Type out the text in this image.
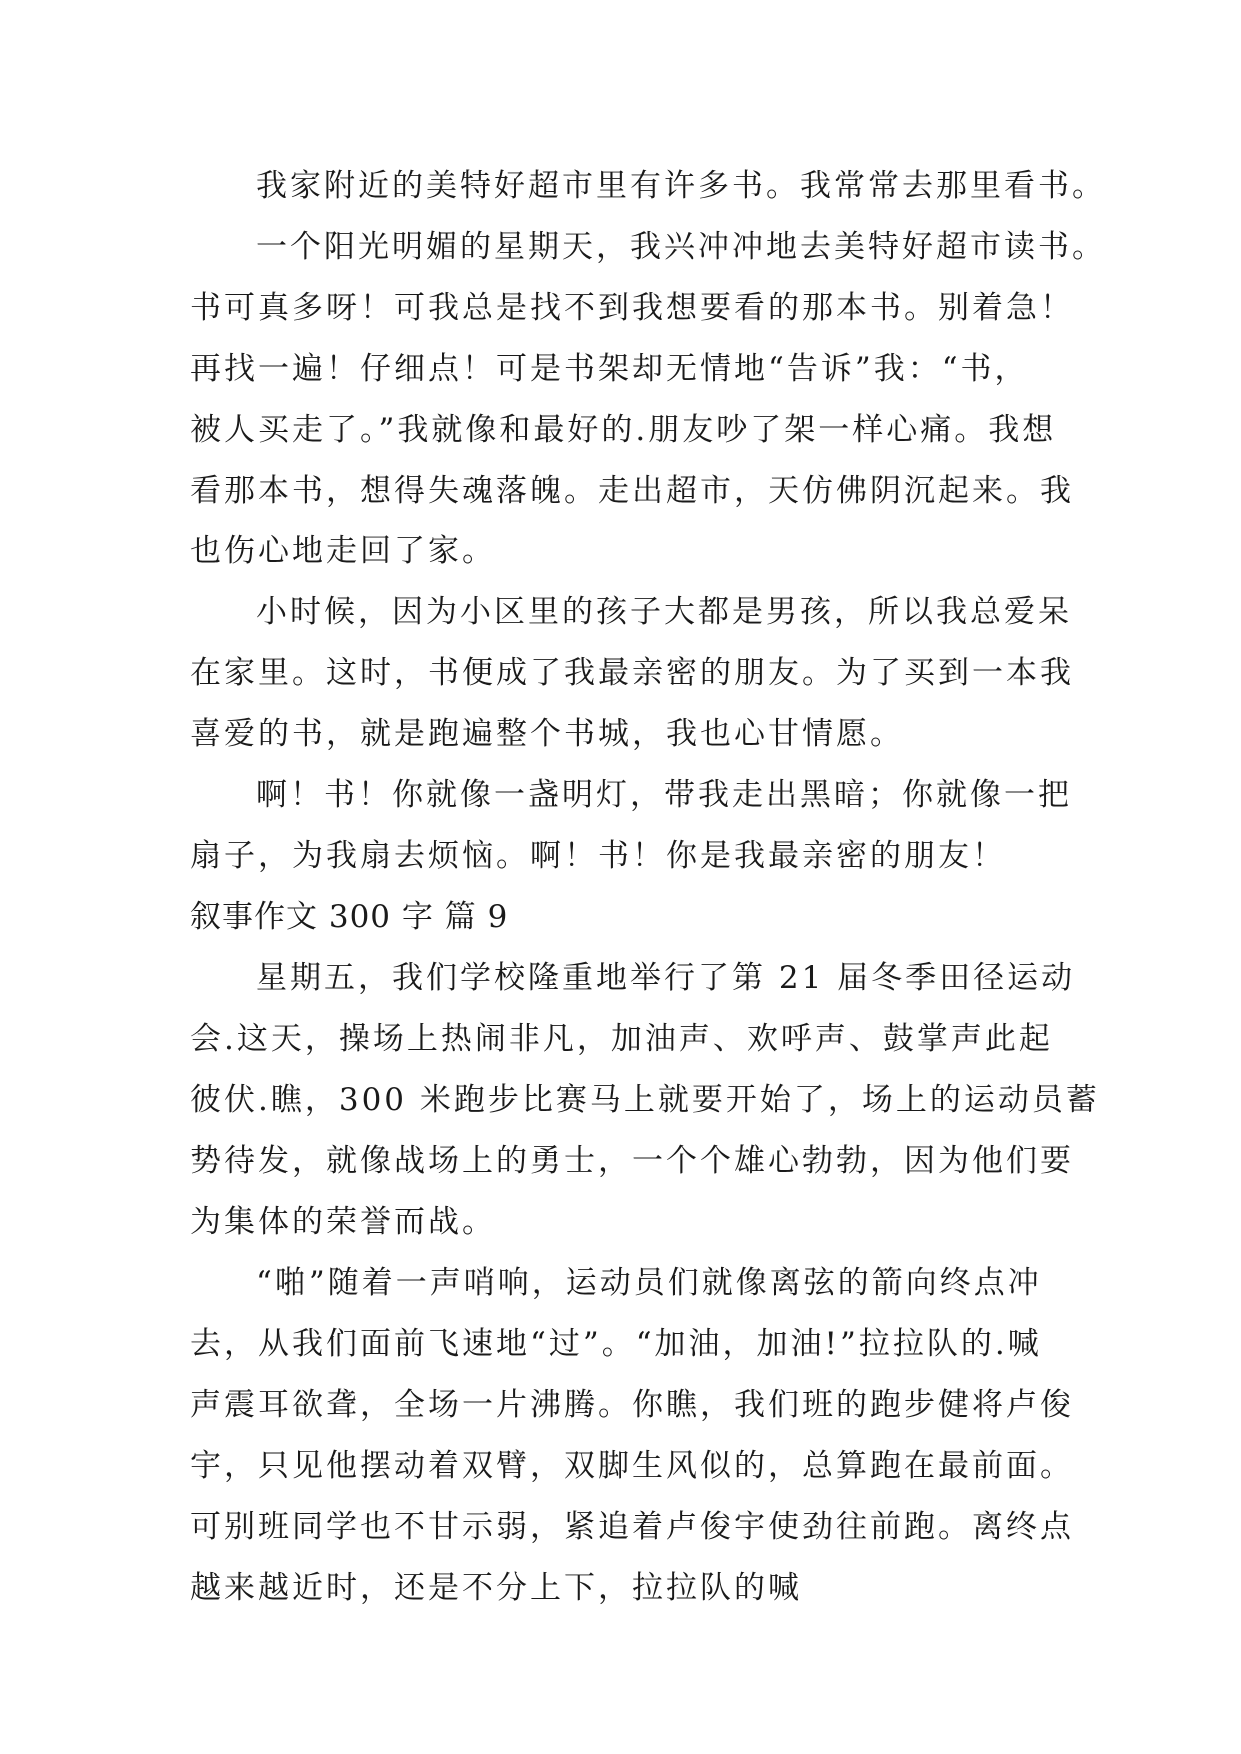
我家附近的美特好超市里有许多书。我常常去那里看书。
一个阳光明媚的星期天，我兴冲冲地去美特好超市读书。
书可真多呀！可我总是找不到我想要看的那本书。别着急！
再找一遍！仔细点！可是书架却无情地“告诉”我：“书，
被人买走了。”我就像和最好的.朋友吵了架一样心痛。我想
看那本书，想得失魂落魄。走出超市，天仿佛阴沉起来。我
也伤心地走回了家。
小时候，因为小区里的孩子大都是男孩，所以我总爱呆
在家里。这时，书便成了我最亲密的朋友。为了买到一本我
喜爱的书，就是跑遍整个书城，我也心甘情愿。
啊！书！你就像一盏明灯，带我走出黑暗；你就像一把
扇子，为我扇去烦恼。啊！书！你是我最亲密的朋友！
叙事作文 300 字 篇 9
星期五，我们学校隆重地举行了第 21 届冬季田径运动
会.这天，操场上热闹非凡，加油声、欢呼声、鼓掌声此起
彼伏.瞧，300 米跑步比赛马上就要开始了，场上的运动员蓄
势待发，就像战场上的勇士，一个个雄心勃勃，因为他们要
为集体的荣誉而战。
“啪”随着一声哨响，运动员们就像离弦的箭向终点冲
去，从我们面前飞速地“过”。“加油，加油!”拉拉队的.喊
声震耳欲聋，全场一片沸腾。你瞧，我们班的跑步健将卢俊
宇，只见他摆动着双臂，双脚生风似的，总算跑在最前面。
可别班同学也不甘示弱，紧追着卢俊宇使劲往前跑。离终点
越来越近时，还是不分上下，拉拉队的喊
